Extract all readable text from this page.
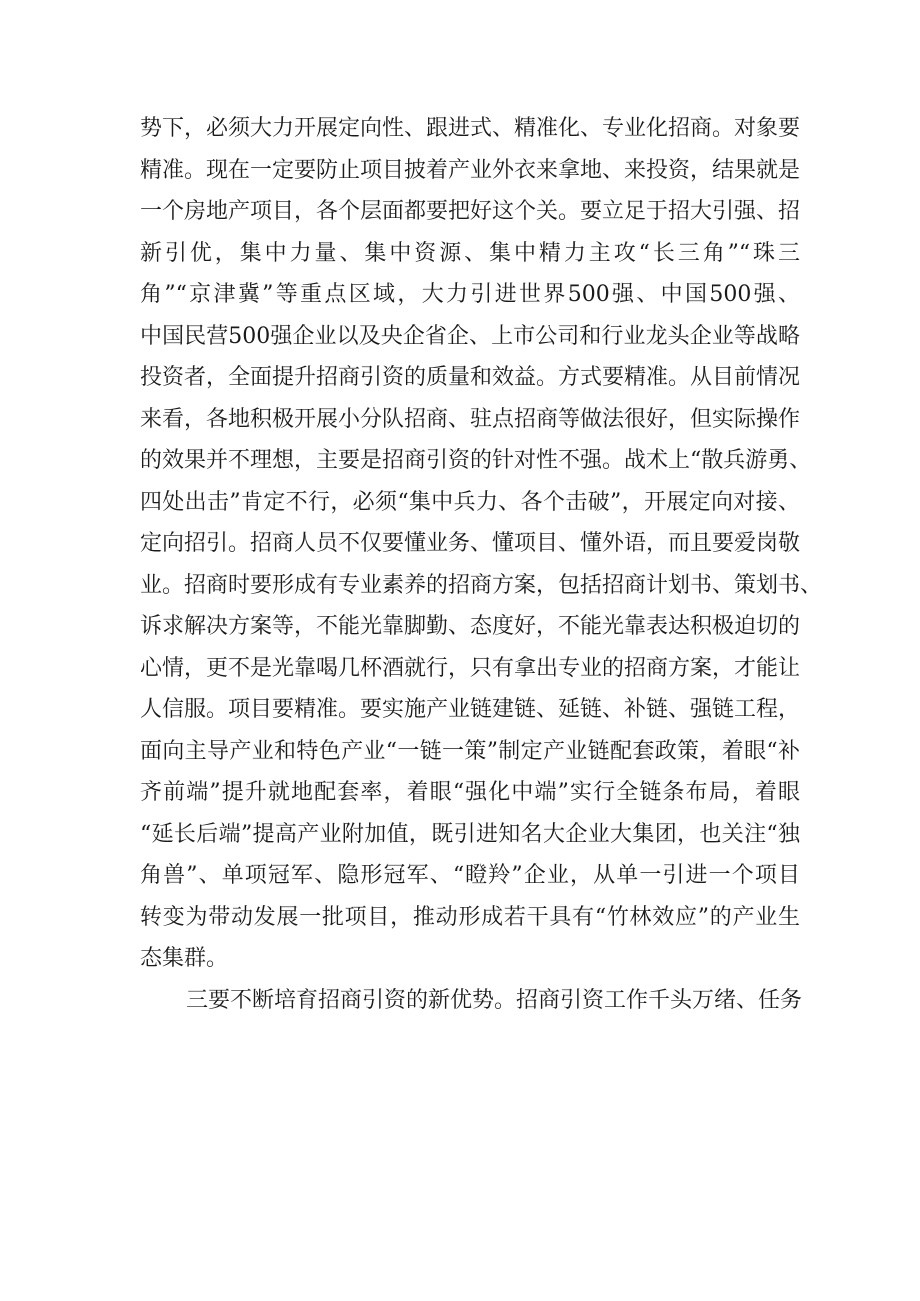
势下，必须大力开展定向性、跟进式、精准化、专业化招商。对象要
精准。现在一定要防止项目披着产业外衣来拿地、来投资，结果就是
一个房地产项目，各个层面都要把好这个关。要立足于招大引强、招
新引优，集中力量、集中资源、集中精力主攻“长三角”“珠三
角”“京津冀”等重点区域，大力引进世界500强、中国500强、
中国民营500强企业以及央企省企、上市公司和行业龙头企业等战略
投资者，全面提升招商引资的质量和效益。方式要精准。从目前情况
来看，各地积极开展小分队招商、驻点招商等做法很好，但实际操作
的效果并不理想，主要是招商引资的针对性不强。战术上“散兵游勇、
四处出击”肯定不行，必须“集中兵力、各个击破”，开展定向对接、
定向招引。招商人员不仅要懂业务、懂项目、懂外语，而且要爱岗敬
业。招商时要形成有专业素养的招商方案，包括招商计划书、策划书、
诉求解决方案等，不能光靠脚勤、态度好，不能光靠表达积极迫切的
心情，更不是光靠喝几杯酒就行，只有拿出专业的招商方案，才能让
人信服。项目要精准。要实施产业链建链、延链、补链、强链工程，
面向主导产业和特色产业“一链一策”制定产业链配套政策，着眼“补
齐前端”提升就地配套率，着眼“强化中端”实行全链条布局，着眼
“延长后端”提高产业附加值，既引进知名大企业大集团，也关注“独
角兽”、单项冠军、隐形冠军、“瞪羚”企业，从单一引进一个项目
转变为带动发展一批项目，推动形成若干具有“竹林效应”的产业生
态集群。
三要不断培育招商引资的新优势。招商引资工作千头万绪、任务
